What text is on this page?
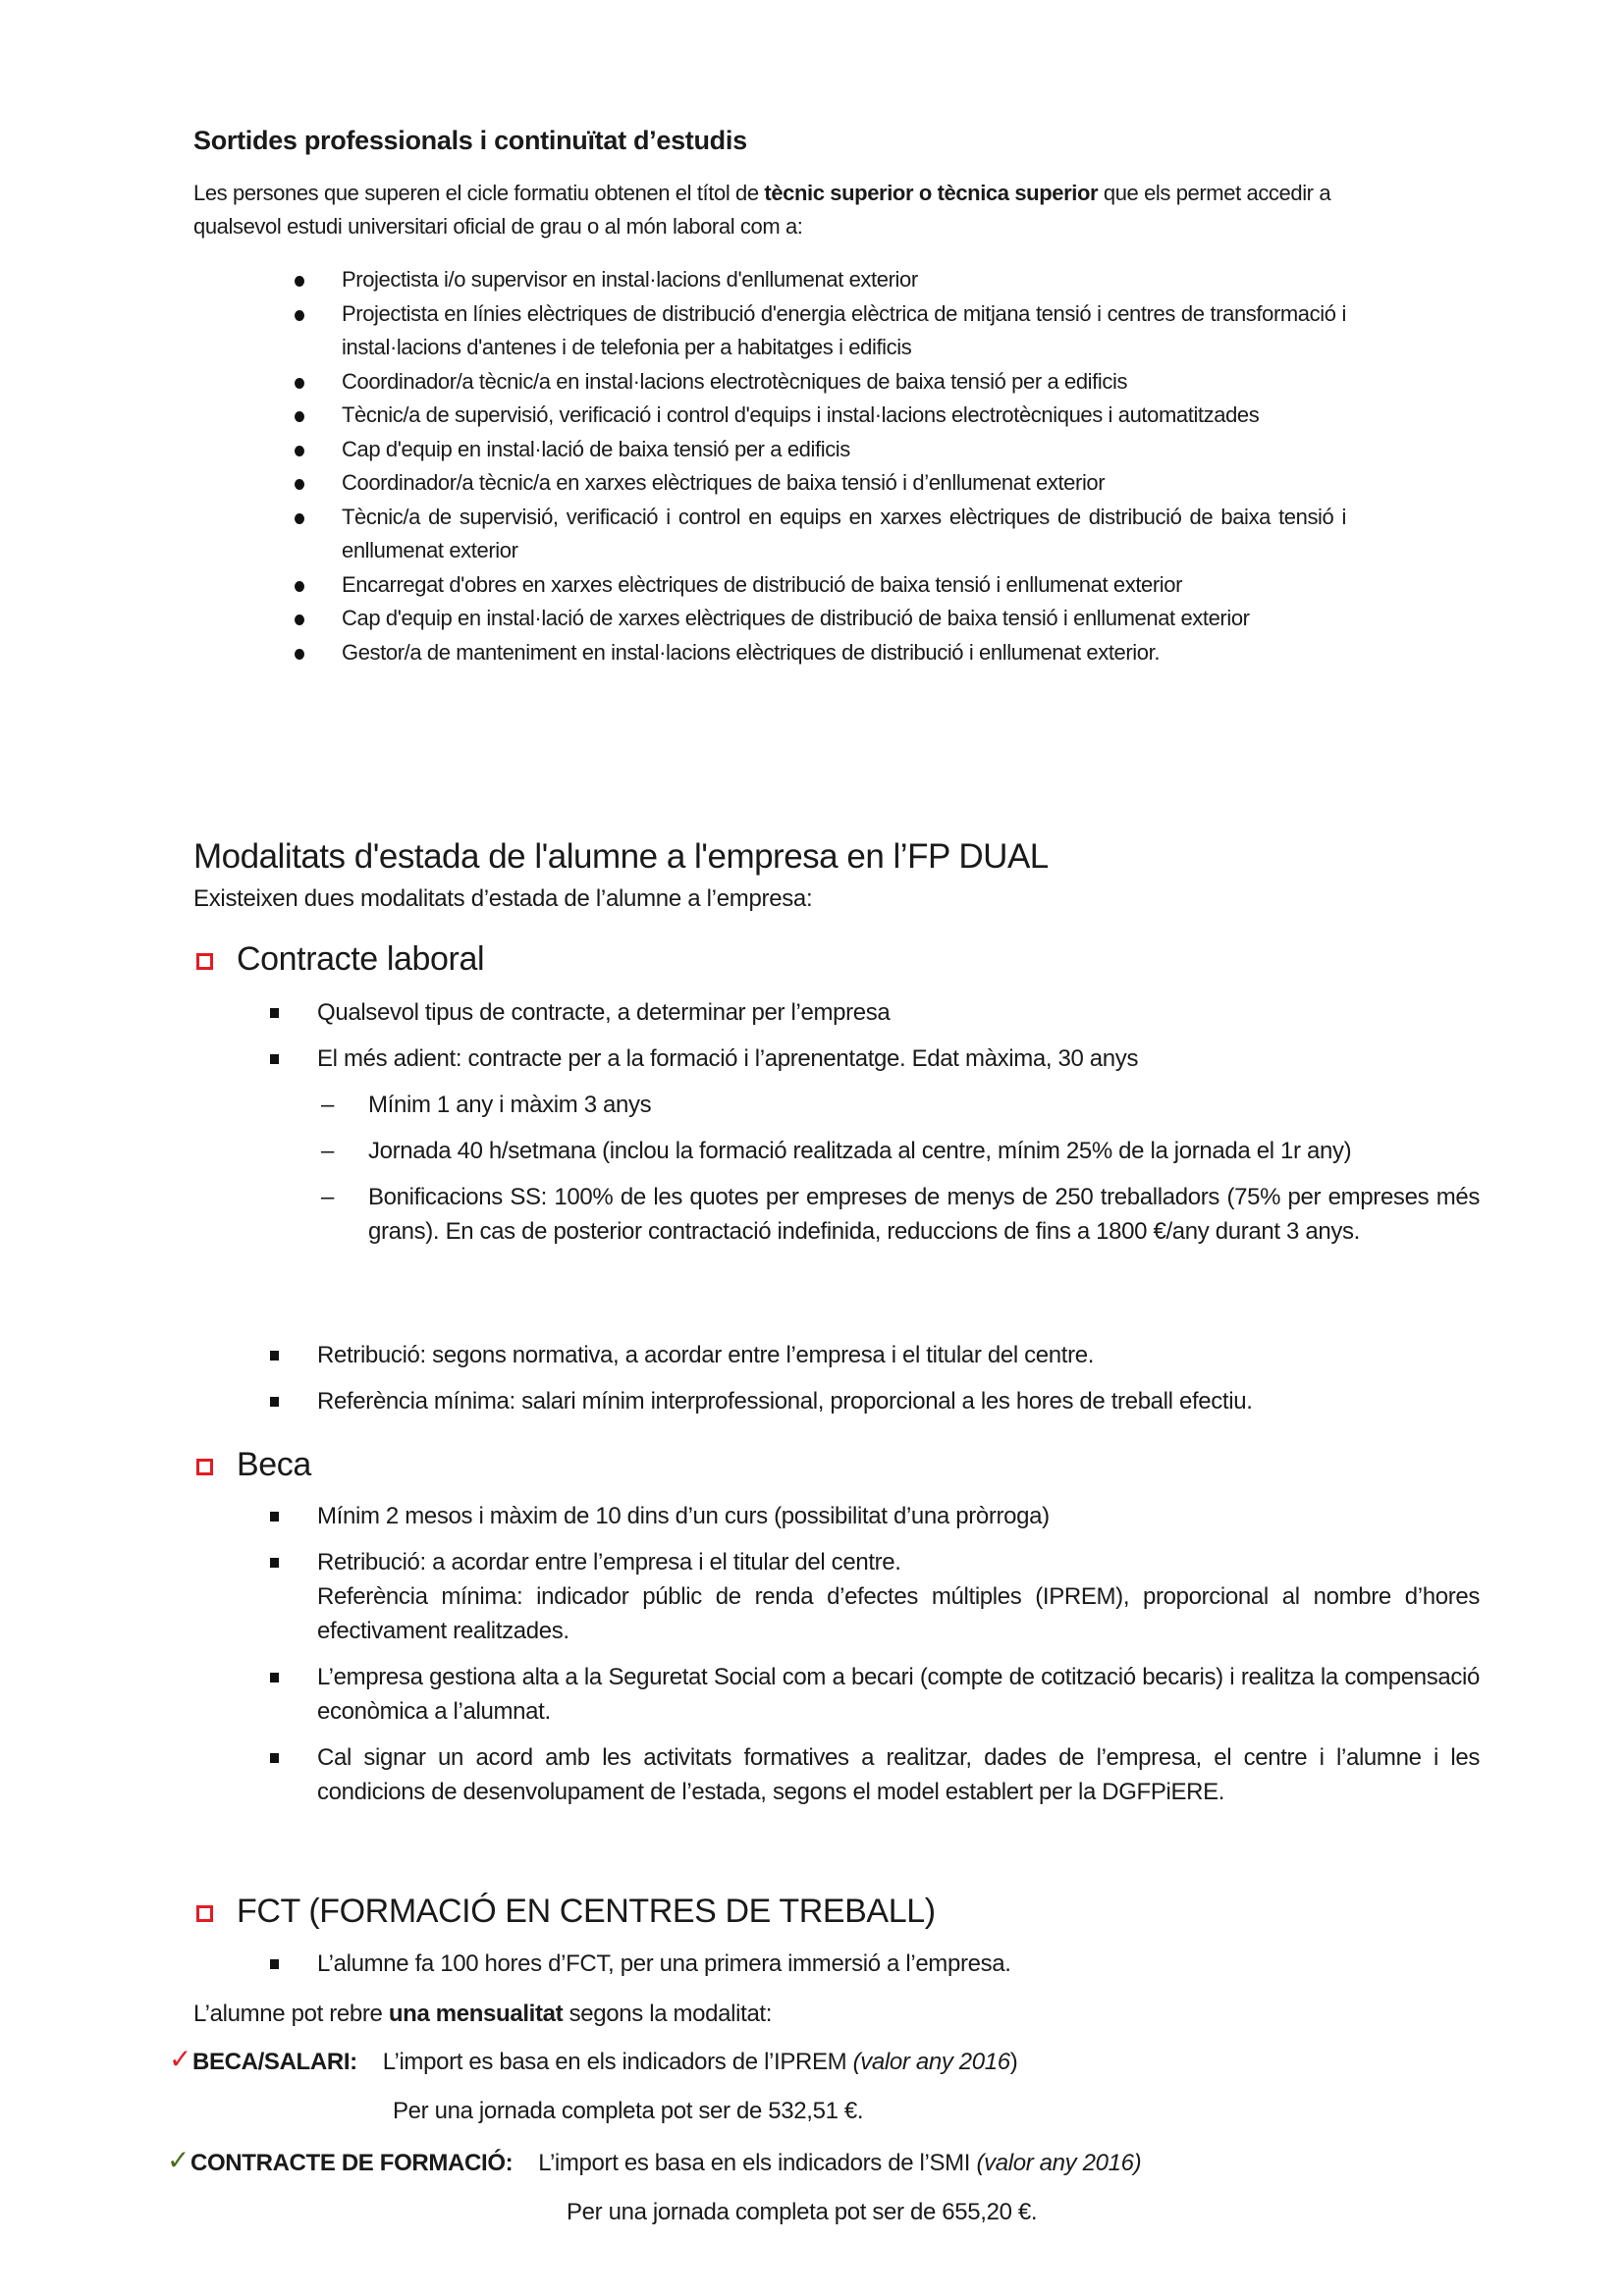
Sortides professionals i continuïtat d’estudis
Les persones que superen el cicle formatiu obtenen el títol de tècnic superior o tècnica superior que els permet accedir a qualsevol estudi universitari oficial de grau o al món laboral com a:
Projectista i/o supervisor en instal·lacions d'enllumenat exterior
Projectista en línies elèctriques de distribució d'energia elèctrica de mitjana tensió i centres de transformació i instal·lacions d'antenes i de telefonia per a habitatges i edificis
Coordinador/a tècnic/a en instal·lacions electrotècniques de baixa tensió per a edificis
Tècnic/a de supervisió, verificació i control d'equips i instal·lacions electrotècniques i automatitzades
Cap d'equip en instal·lació de baixa tensió per a edificis
Coordinador/a tècnic/a en xarxes elèctriques de baixa tensió i d’enllumenat exterior
Tècnic/a de supervisió, verificació i control en equips en xarxes elèctriques de distribució de baixa tensió i enllumenat exterior
Encarregat d'obres en xarxes elèctriques de distribució de baixa tensió i enllumenat exterior
Cap d'equip en instal·lació de xarxes elèctriques de distribució de baixa tensió i enllumenat exterior
Gestor/a de manteniment en instal·lacions elèctriques de distribució i enllumenat exterior.
Modalitats d'estada de l'alumne a l'empresa en l’FP DUAL
Existeixen dues modalitats d’estada de l’alumne a l’empresa:
Contracte laboral
Qualsevol tipus de contracte, a determinar per l’empresa
El més adient: contracte per a la formació i l’aprenentatge. Edat màxima, 30 anys
– Mínim 1 any i màxim 3 anys
– Jornada 40 h/setmana (inclou la formació realitzada al centre, mínim 25% de la jornada el 1r any)
– Bonificacions SS: 100% de les quotes per empreses de menys de 250 treballadors (75% per empreses més grans). En cas de posterior contractació indefinida, reduccions de fins a 1800 €/any durant 3 anys.
Retribució: segons normativa, a acordar entre l’empresa i el titular del centre.
Referència mínima: salari mínim interprofessional, proporcional a les hores de treball efectiu.
Beca
Mínim 2 mesos i màxim de 10 dins d’un curs (possibilitat d’una pròrroga)
Retribució: a acordar entre l’empresa i el titular del centre.
Referència mínima: indicador públic de renda d’efectes múltiples (IPREM), proporcional al nombre d’hores efectivament realitzades.
L’empresa gestiona alta a la Seguretat Social com a becari (compte de cotització becaris) i realitza la compensació econòmica a l’alumnat.
Cal signar un acord amb les activitats formatives a realitzar, dades de l’empresa, el centre i l’alumne i les condicions de desenvolupament de l’estada, segons el model establert per la DGFPiERE.
FCT (FORMACIÓ EN CENTRES DE TREBALL)
L’alumne fa 100 hores d’FCT, per una primera immersió a l’empresa.
L’alumne pot rebre una mensualitat segons la modalitat:
✓ BECA/SALARI: L’import es basa en els indicadors de l’IPREM (valor any 2016)
Per una jornada completa pot ser de 532,51 €.
✓ CONTRACTE DE FORMACIÓ: L’import es basa en els indicadors de l’SMI (valor any 2016)
Per una jornada completa pot ser de 655,20 €.
